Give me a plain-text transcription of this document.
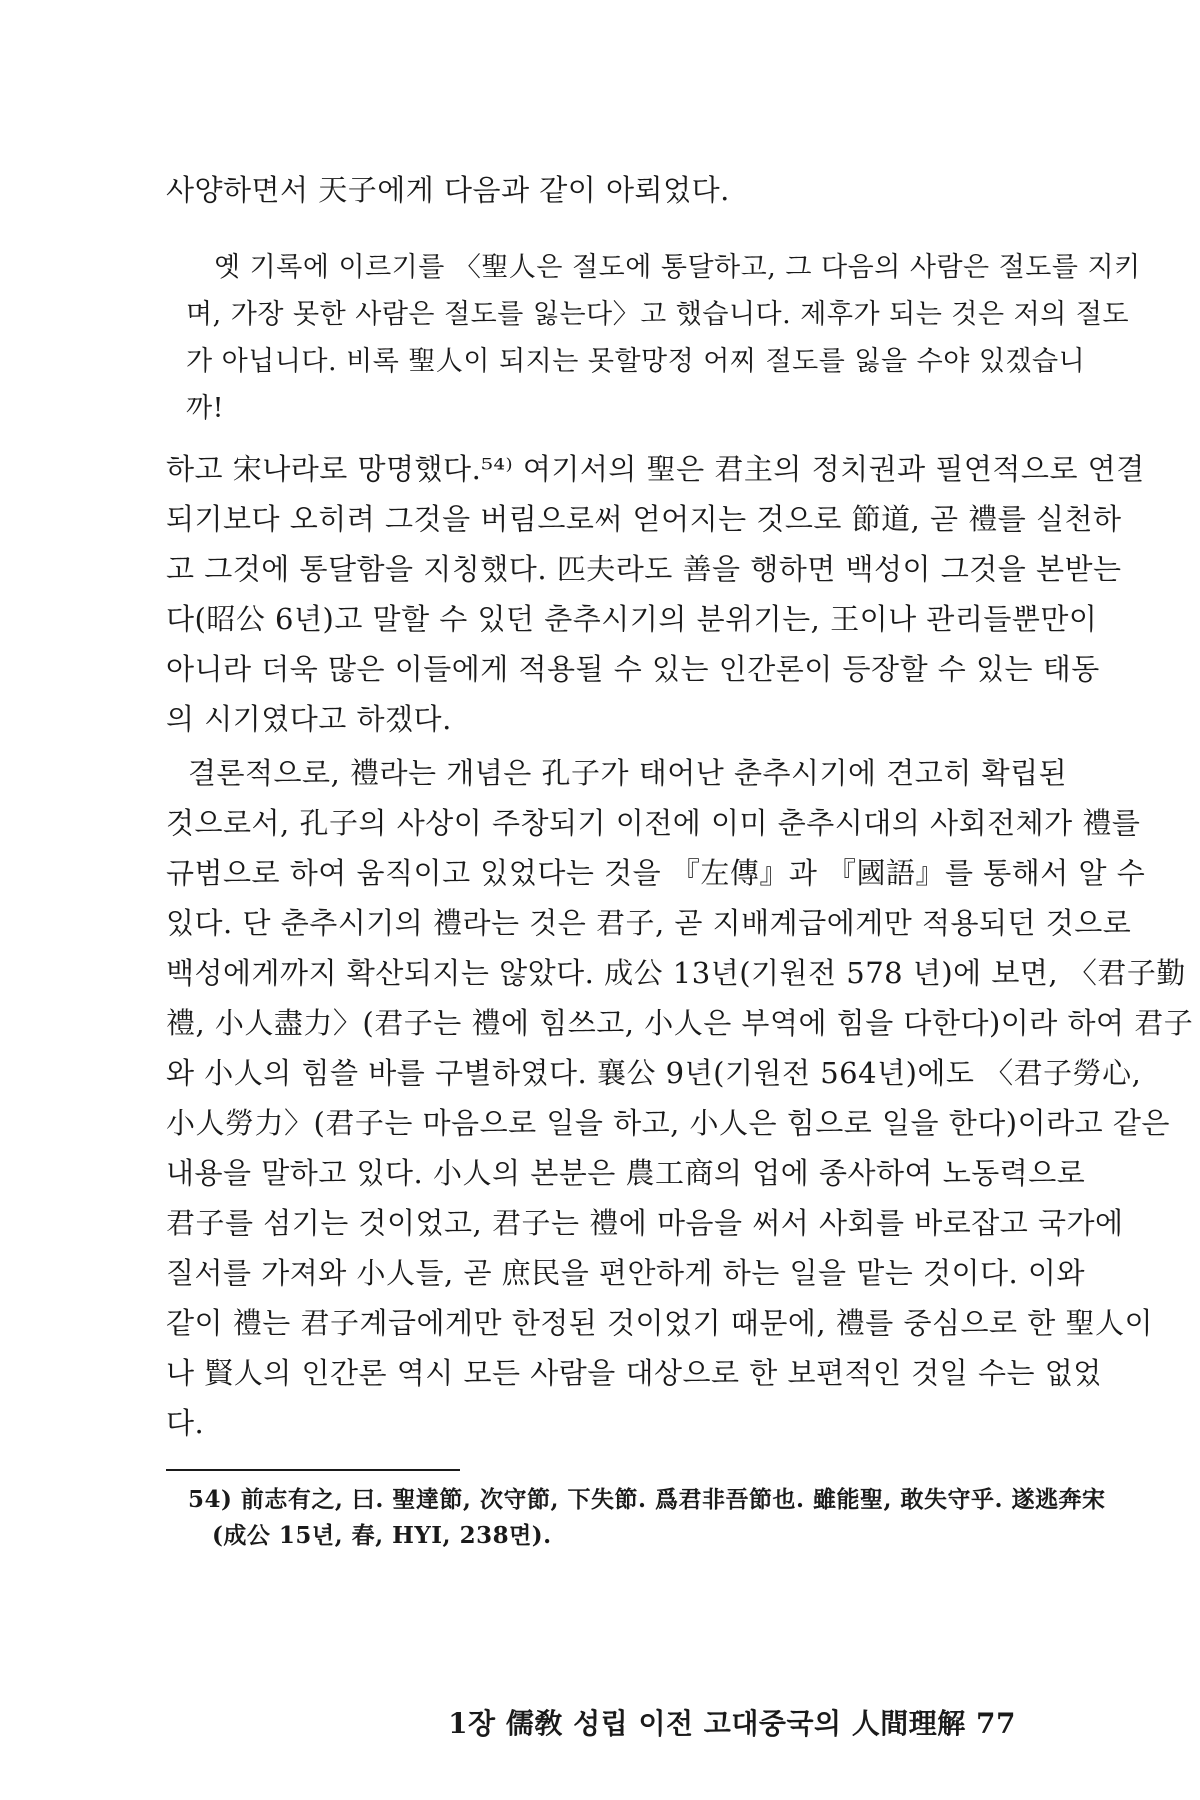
사양하면서 天子에게 다음과 같이 아뢰었다.
옛 기록에 이르기를 〈聖人은 절도에 통달하고, 그 다음의 사람은 절도를 지키
며, 가장 못한 사람은 절도를 잃는다〉고 했습니다. 제후가 되는 것은 저의 절도
가 아닙니다. 비록 聖人이 되지는 못할망정 어찌 절도를 잃을 수야 있겠습니
까!
하고 宋나라로 망명했다.⁵⁴⁾ 여기서의 聖은 君主의 정치권과 필연적으로 연결
되기보다 오히려 그것을 버림으로써 얻어지는 것으로 節道, 곧 禮를 실천하
고 그것에 통달함을 지칭했다. 匹夫라도 善을 행하면 백성이 그것을 본받는
다(昭公 6년)고 말할 수 있던 춘추시기의 분위기는, 王이나 관리들뿐만이
아니라 더욱 많은 이들에게 적용될 수 있는 인간론이 등장할 수 있는 태동
의 시기였다고 하겠다.
결론적으로, 禮라는 개념은 孔子가 태어난 춘추시기에 견고히 확립된
것으로서, 孔子의 사상이 주창되기 이전에 이미 춘추시대의 사회전체가 禮를
규범으로 하여 움직이고 있었다는 것을 『左傳』과 『國語』를 통해서 알 수
있다. 단 춘추시기의 禮라는 것은 君子, 곧 지배계급에게만 적용되던 것으로
백성에게까지 확산되지는 않았다. 成公 13년(기원전 578 년)에 보면, 〈君子勤
禮, 小人盡力〉(君子는 禮에 힘쓰고, 小人은 부역에 힘을 다한다)이라 하여 君子
와 小人의 힘쓸 바를 구별하였다. 襄公 9년(기원전 564년)에도 〈君子勞心,
小人勞力〉(君子는 마음으로 일을 하고, 小人은 힘으로 일을 한다)이라고 같은
내용을 말하고 있다. 小人의 본분은 農工商의 업에 종사하여 노동력으로
君子를 섬기는 것이었고, 君子는 禮에 마음을 써서 사회를 바로잡고 국가에
질서를 가져와 小人들, 곧 庶民을 편안하게 하는 일을 맡는 것이다. 이와
같이 禮는 君子계급에게만 한정된 것이었기 때문에, 禮를 중심으로 한 聖人이
나 賢人의 인간론 역시 모든 사람을 대상으로 한 보편적인 것일 수는 없었
다.
54) 前志有之, 曰. 聖達節, 次守節, 下失節. 爲君非吾節也. 雖能聖, 敢失守乎. 遂逃奔宋
(成公 15년, 春, HYI, 238면).
1장 儒敎 성립 이전 고대중국의 人間理解 77
